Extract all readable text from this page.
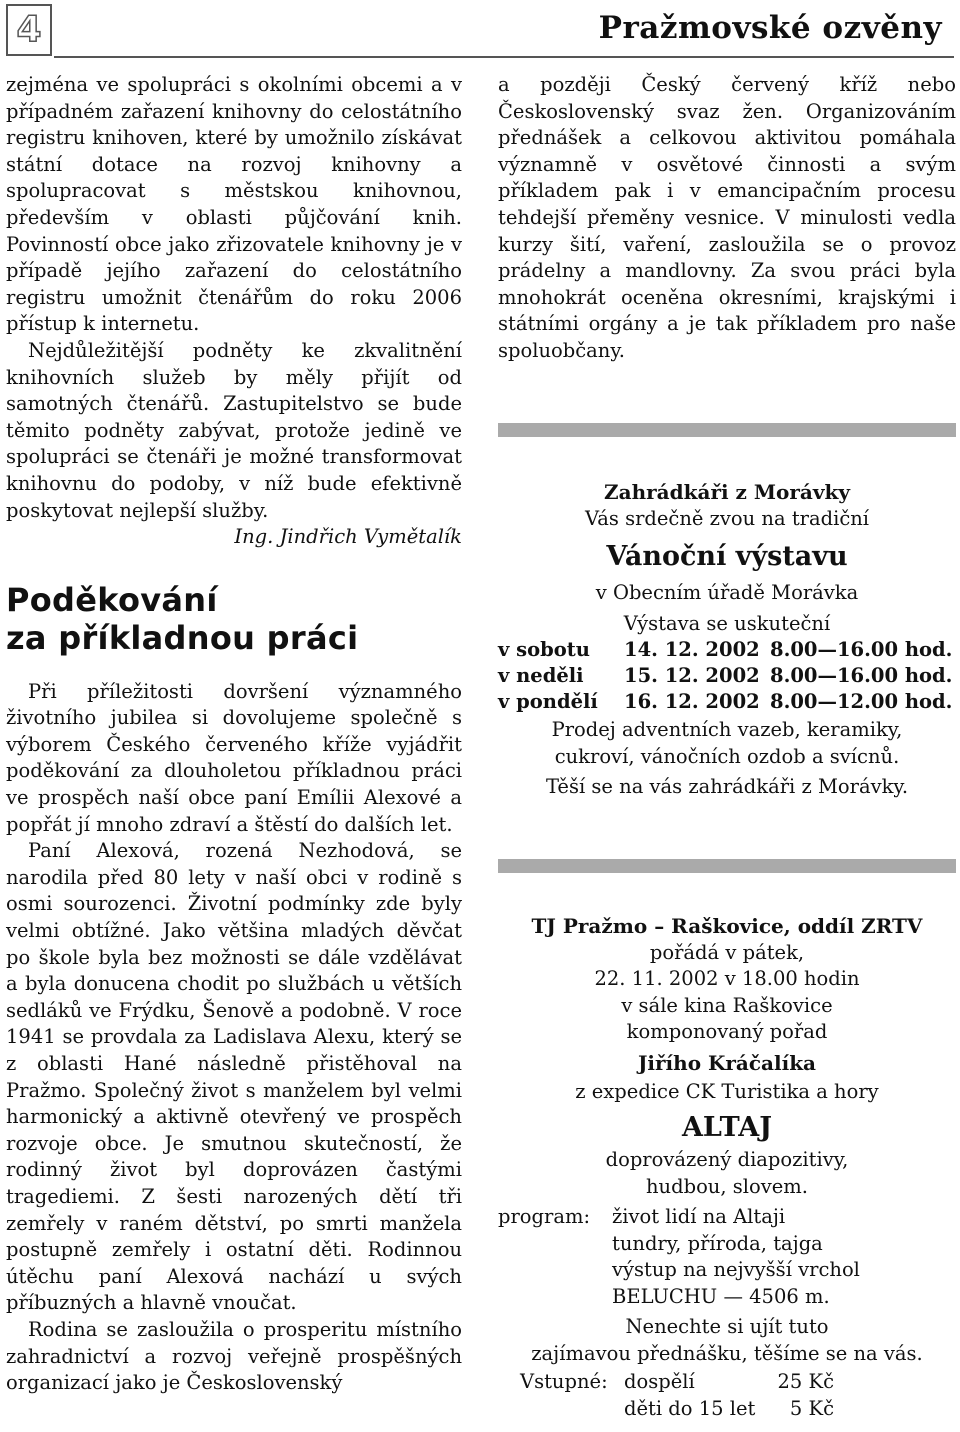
4	Pražmovské ozvěny

zejména ve spolupráci s okolními obcemi a v případném zařazení knihovny do celostátního registru knihoven, které by umožnilo získávat státní dotace na rozvoj knihovny a spolupracovat s městskou knihovnou, především v oblasti půjčování knih. Povinností obce jako zřizovatele knihovny je v případě jejího zařazení do celostátního registru umožnit čtenářům do roku 2006 přístup k internetu.

Nejdůležitější podněty ke zkvalitnění knihovních služeb by měly přijít od samotných čtenářů. Zastupitelstvo se bude těmito podněty zabývat, protože jedině ve spolupráci se čtenáři je možné transformovat knihovnu do podoby, v níž bude efektivně poskytovat nejlepší služby.

Ing. Jindřich Vymětalík
Poděkování
za příkladnou práci

Při příležitosti dovršení významného životního jubilea si dovolujeme společně s výborem Českého červeného kříže vyjádřit poděkování za dlouholetou příkladnou práci ve prospěch naší obce paní Emílii Alexové a popřát jí mnoho zdraví a štěstí do dalších let.

Paní Alexová, rozená Nezhodová, se narodila před 80 lety v naší obci v rodině s osmi sourozenci. Životní podmínky zde byly velmi obtížné. Jako většina mladých děvčat po škole byla bez možnosti se dále vzdělávat a byla donucena chodit po službách u větších sedláků ve Frýdku, Šenově a podobně. V roce 1941 se provdala za Ladislava Alexu, který se z oblasti Hané následně přistěhoval na Pražmo. Společný život s manželem byl velmi harmonický a aktivně otevřený ve prospěch rozvoje obce. Je smutnou skutečností, že rodinný život byl doprovázen častými tragediemi. Z šesti narozených dětí tři zemřely v raném dětství, po smrti manžela postupně zemřely i ostatní děti. Rodinnou útěchu paní Alexová nachází u svých příbuzných a hlavně vnoučat.

Rodina se zasloužila o prosperitu místního zahradnictví a rozvoj veřejně prospěšných organizací jako je Československý

a později Český červený kříž nebo Československý svaz žen. Organizováním přednášek a celkovou aktivitou pomáhala významně v osvětové činnosti a svým příkladem pak i v emancipačním procesu tehdejší přeměny vesnice. V minulosti vedla kurzy šití, vaření, zasloužila se o provoz prádelny a mandlovny. Za svou práci byla mnohokrát oceněna okresními, krajskými i státními orgány a je tak příkladem pro naše spoluobčany.

Zahrádkáři z Morávky
Vás srdečně zvou na tradiční
Vánoční výstavu
v Obecním úřadě Morávka
Výstava se uskuteční
v sobotu	14. 12. 2002	8.00—16.00 hod.
v neděli	15. 12. 2002	8.00—16.00 hod.
v pondělí	16. 12. 2002	8.00—12.00 hod.
Prodej adventních vazeb, keramiky,
cukroví, vánočních ozdob a svícnů.
Těší se na vás zahrádkáři z Morávky.
TJ Pražmo – Raškovice, oddíl ZRTV
pořádá v pátek,
22. 11. 2002 v 18.00 hodin
v sále kina Raškovice
komponovaný pořad
Jiřího Kráčalíka
z expedice CK Turistika a hory
ALTAJ
doprovázený diapozitivy,
hudbou, slovem.
program:	život lidí na Altaji
	tundry, příroda, tajga
	výstup na nejvyšší vrchol
	BELUCHU — 4506 m.
Nenechte si ujít tuto
zajímavou přednášku, těšíme se na vás.
Vstupné:	dospělí	25 Kč
	děti do 15 let	5 Kč
